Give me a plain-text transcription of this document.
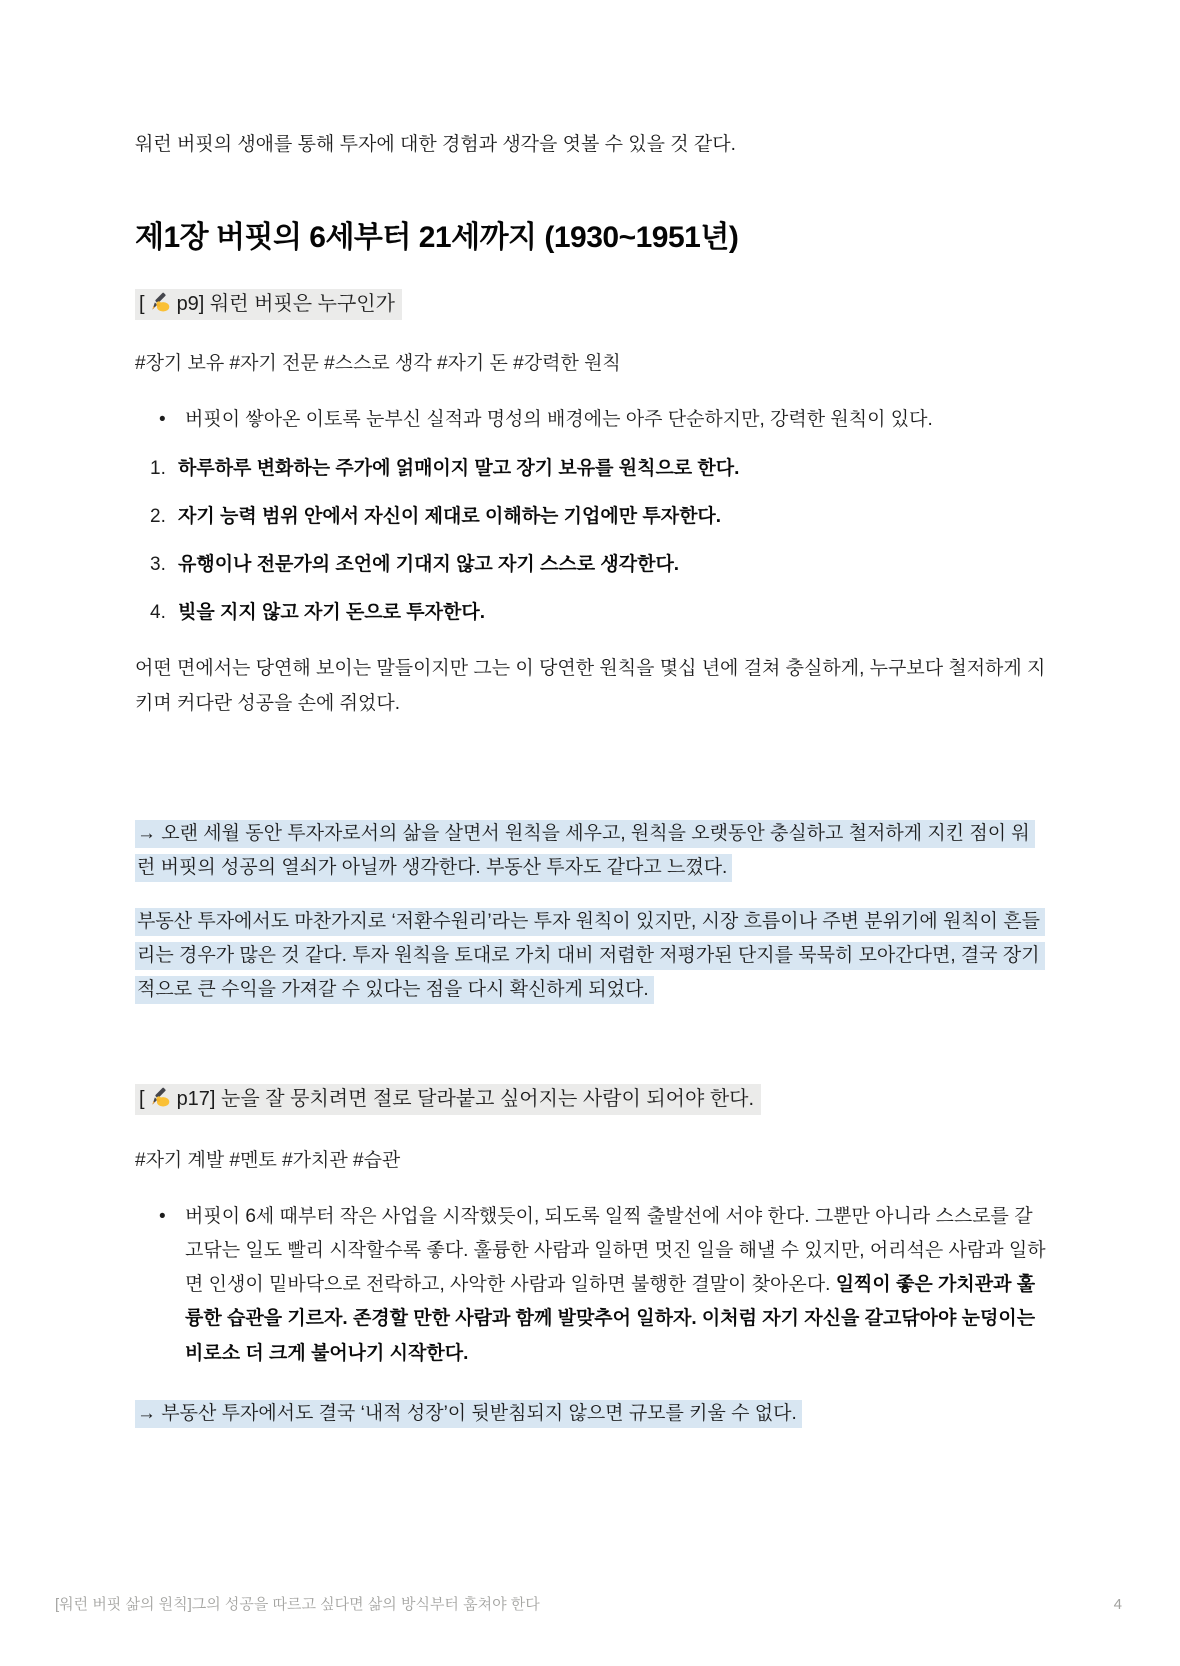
워런 버핏의 생애를 통해 투자에 대한 경험과 생각을 엿볼 수 있을 것 같다.

제1장 버핏의 6세부터 21세까지 (1930~1951년)

[ p9] 워런 버핏은 누구인가

#장기 보유 #자기 전문 #스스로 생각 #자기 돈 #강력한 원칙

•	버핏이 쌓아온 이토록 눈부신 실적과 명성의 배경에는 아주 단순하지만, 강력한 원칙이 있다.
1. 하루하루 변화하는 주가에 얽매이지 말고 장기 보유를 원칙으로 한다.
2. 자기 능력 범위 안에서 자신이 제대로 이해하는 기업에만 투자한다.
3. 유행이나 전문가의 조언에 기대지 않고 자기 스스로 생각한다.
4. 빚을 지지 않고 자기 돈으로 투자한다.

어떤 면에서는 당연해 보이는 말들이지만 그는 이 당연한 원칙을 몇십 년에 걸쳐 충실하게, 누구보다 철저하게 지키며 커다란 성공을 손에 쥐었다.

→ 오랜 세월 동안 투자자로서의 삶을 살면서 원칙을 세우고, 원칙을 오랫동안 충실하고 철저하게 지킨 점이 워런 버핏의 성공의 열쇠가 아닐까 생각한다. 부동산 투자도 같다고 느꼈다.

부동산 투자에서도 마찬가지로 ‘저환수원리’라는 투자 원칙이 있지만, 시장 흐름이나 주변 분위기에 원칙이 흔들리는 경우가 많은 것 같다. 투자 원칙을 토대로 가치 대비 저렴한 저평가된 단지를 묵묵히 모아간다면, 결국 장기적으로 큰 수익을 가져갈 수 있다는 점을 다시 확신하게 되었다.

[ p17] 눈을 잘 뭉치려면 절로 달라붙고 싶어지는 사람이 되어야 한다.

#자기 계발 #멘토 #가치관 #습관

•	버핏이 6세 때부터 작은 사업을 시작했듯이, 되도록 일찍 출발선에 서야 한다. 그뿐만 아니라 스스로를 갈고닦는 일도 빨리 시작할수록 좋다. 훌륭한 사람과 일하면 멋진 일을 해낼 수 있지만, 어리석은 사람과 일하면 인생이 밑바닥으로 전락하고, 사악한 사람과 일하면 불행한 결말이 찾아온다. 일찍이 좋은 가치관과 훌륭한 습관을 기르자. 존경할 만한 사람과 함께 발맞추어 일하자. 이처럼 자기 자신을 갈고닦아야 눈덩이는 비로소 더 크게 불어나기 시작한다.

→ 부동산 투자에서도 결국 ‘내적 성장’이 뒷받침되지 않으면 규모를 키울 수 없다.

[워런 버핏 삶의 원칙]그의 성공을 따르고 싶다면 삶의 방식부터 훔쳐야 한다	4
